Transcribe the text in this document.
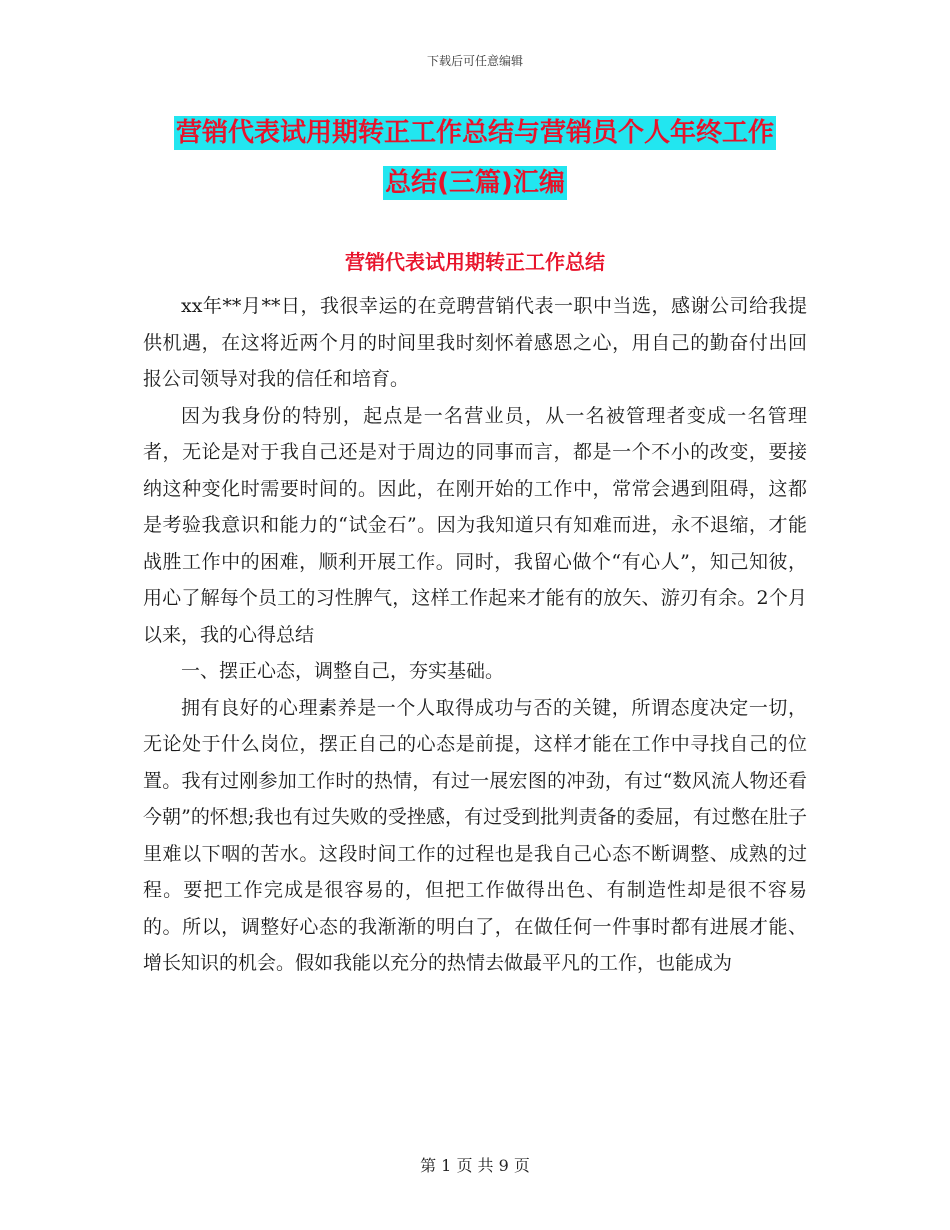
下载后可任意编辑
营销代表试用期转正工作总结与营销员个人年终工作
总结(三篇)汇编
营销代表试用期转正工作总结

xx年**月**日，我很幸运的在竞聘营销代表一职中当选，感谢公司给我提供机遇，在这将近两个月的时间里我时刻怀着感恩之心，用自己的勤奋付出回报公司领导对我的信任和培育。

因为我身份的特别，起点是一名营业员，从一名被管理者变成一名管理者，无论是对于我自己还是对于周边的同事而言，都是一个不小的改变，要接纳这种变化时需要时间的。因此，在刚开始的工作中，常常会遇到阻碍，这都是考验我意识和能力的“试金石”。因为我知道只有知难而进，永不退缩，才能战胜工作中的困难，顺利开展工作。同时，我留心做个“有心人”，知己知彼，用心了解每个员工的习性脾气，这样工作起来才能有的放矢、游刃有余。2个月以来，我的心得总结

一、摆正心态，调整自己，夯实基础。

拥有良好的心理素养是一个人取得成功与否的关键，所谓态度决定一切，无论处于什么岗位，摆正自己的心态是前提，这样才能在工作中寻找自己的位置。我有过刚参加工作时的热情，有过一展宏图的冲劲，有过“数风流人物还看今朝”的怀想;我也有过失败的受挫感，有过受到批判责备的委屈，有过憋在肚子里难以下咽的苦水。这段时间工作的过程也是我自己心态不断调整、成熟的过程。要把工作完成是很容易的，但把工作做得出色、有制造性却是很不容易的。所以，调整好心态的我渐渐的明白了，在做任何一件事时都有进展才能、增长知识的机会。假如我能以充分的热情去做最平凡的工作，也能成为

第 1 页 共 9 页
